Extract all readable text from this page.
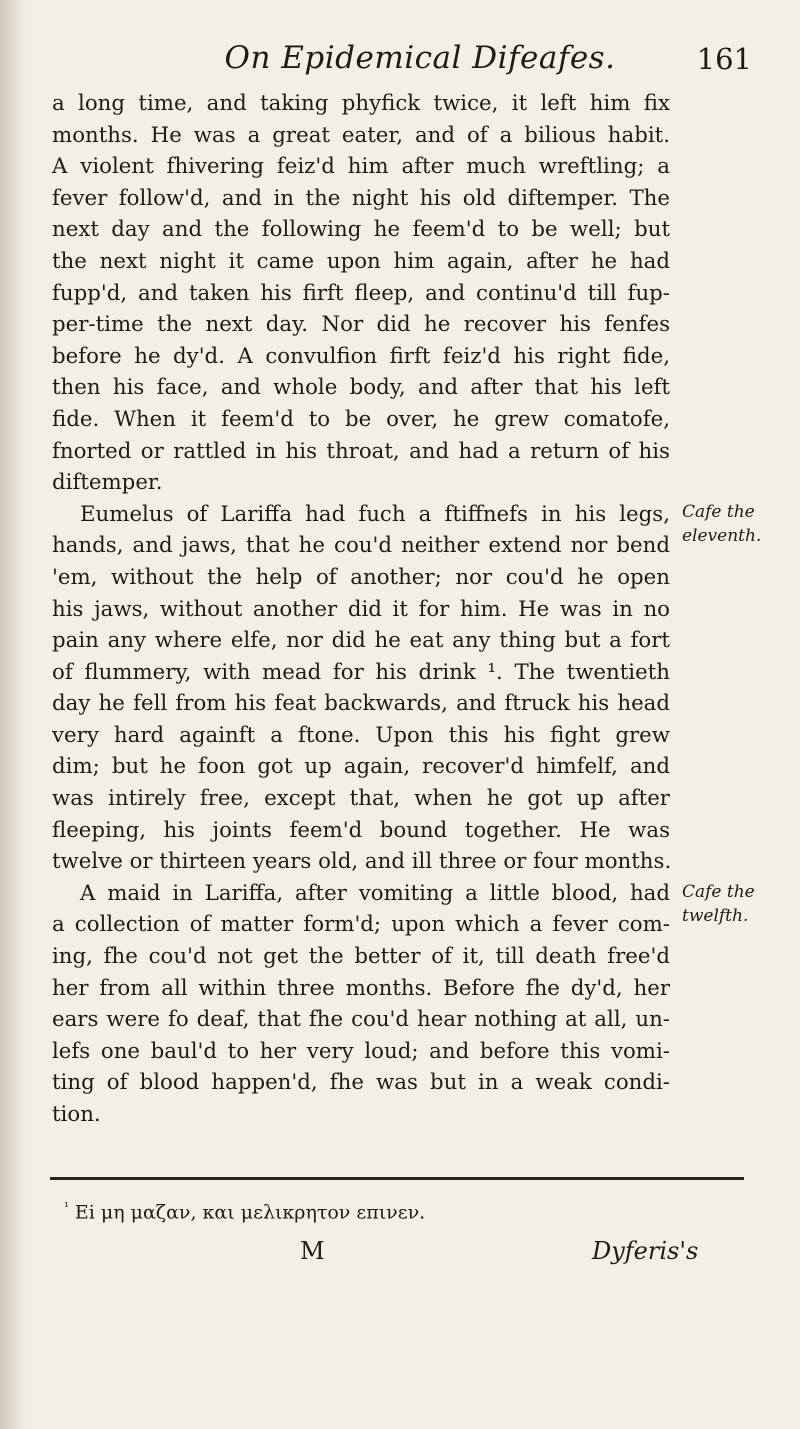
On Epidemical Difeafes.	161
a long time, and taking phyfick twice, it left him fix
months. He was a great eater, and of a bilious habit.
A violent fhivering feiz'd him after much wreftling; a
fever follow'd, and in the night his old diftemper. The
next day and the following he feem'd to be well; but
the next night it came upon him again, after he had
fupp'd, and taken his firft fleep, and continu'd till fup-
per-time the next day. Nor did he recover his fenfes
before he dy'd. A convulfion firft feiz'd his right fide,
then his face, and whole body, and after that his left
fide. When it feem'd to be over, he grew comatofe,
fnorted or rattled in his throat, and had a return of his
diftemper.
Eumelus of Lariffa had fuch a ftiffnefs in his legs,
hands, and jaws, that he cou'd neither extend nor bend
'em, without the help of another; nor cou'd he open
his jaws, without another did it for him. He was in no
pain any where elfe, nor did he eat any thing but a fort
of flummery, with mead for his drink ¹. The twentieth
day he fell from his feat backwards, and ftruck his head
very hard againft a ftone. Upon this his fight grew
dim; but he foon got up again, recover'd himfelf, and
was intirely free, except that, when he got up after
fleeping, his joints feem'd bound together. He was
twelve or thirteen years old, and ill three or four months.
A maid in Lariffa, after vomiting a little blood, had
a collection of matter form'd; upon which a fever com-
ing, fhe cou'd not get the better of it, till death free'd
her from all within three months. Before fhe dy'd, her
ears were fo deaf, that fhe cou'd hear nothing at all, un-
lefs one baul'd to her very loud; and before this vomi-
ting of blood happen'd, fhe was but in a weak condi-
tion.
Cafe the
eleventh.
Cafe the
twelfth.
$^{^1}$ Ei μη μαζαν, και μελικρητον επινεν.
M	Dyferis's
